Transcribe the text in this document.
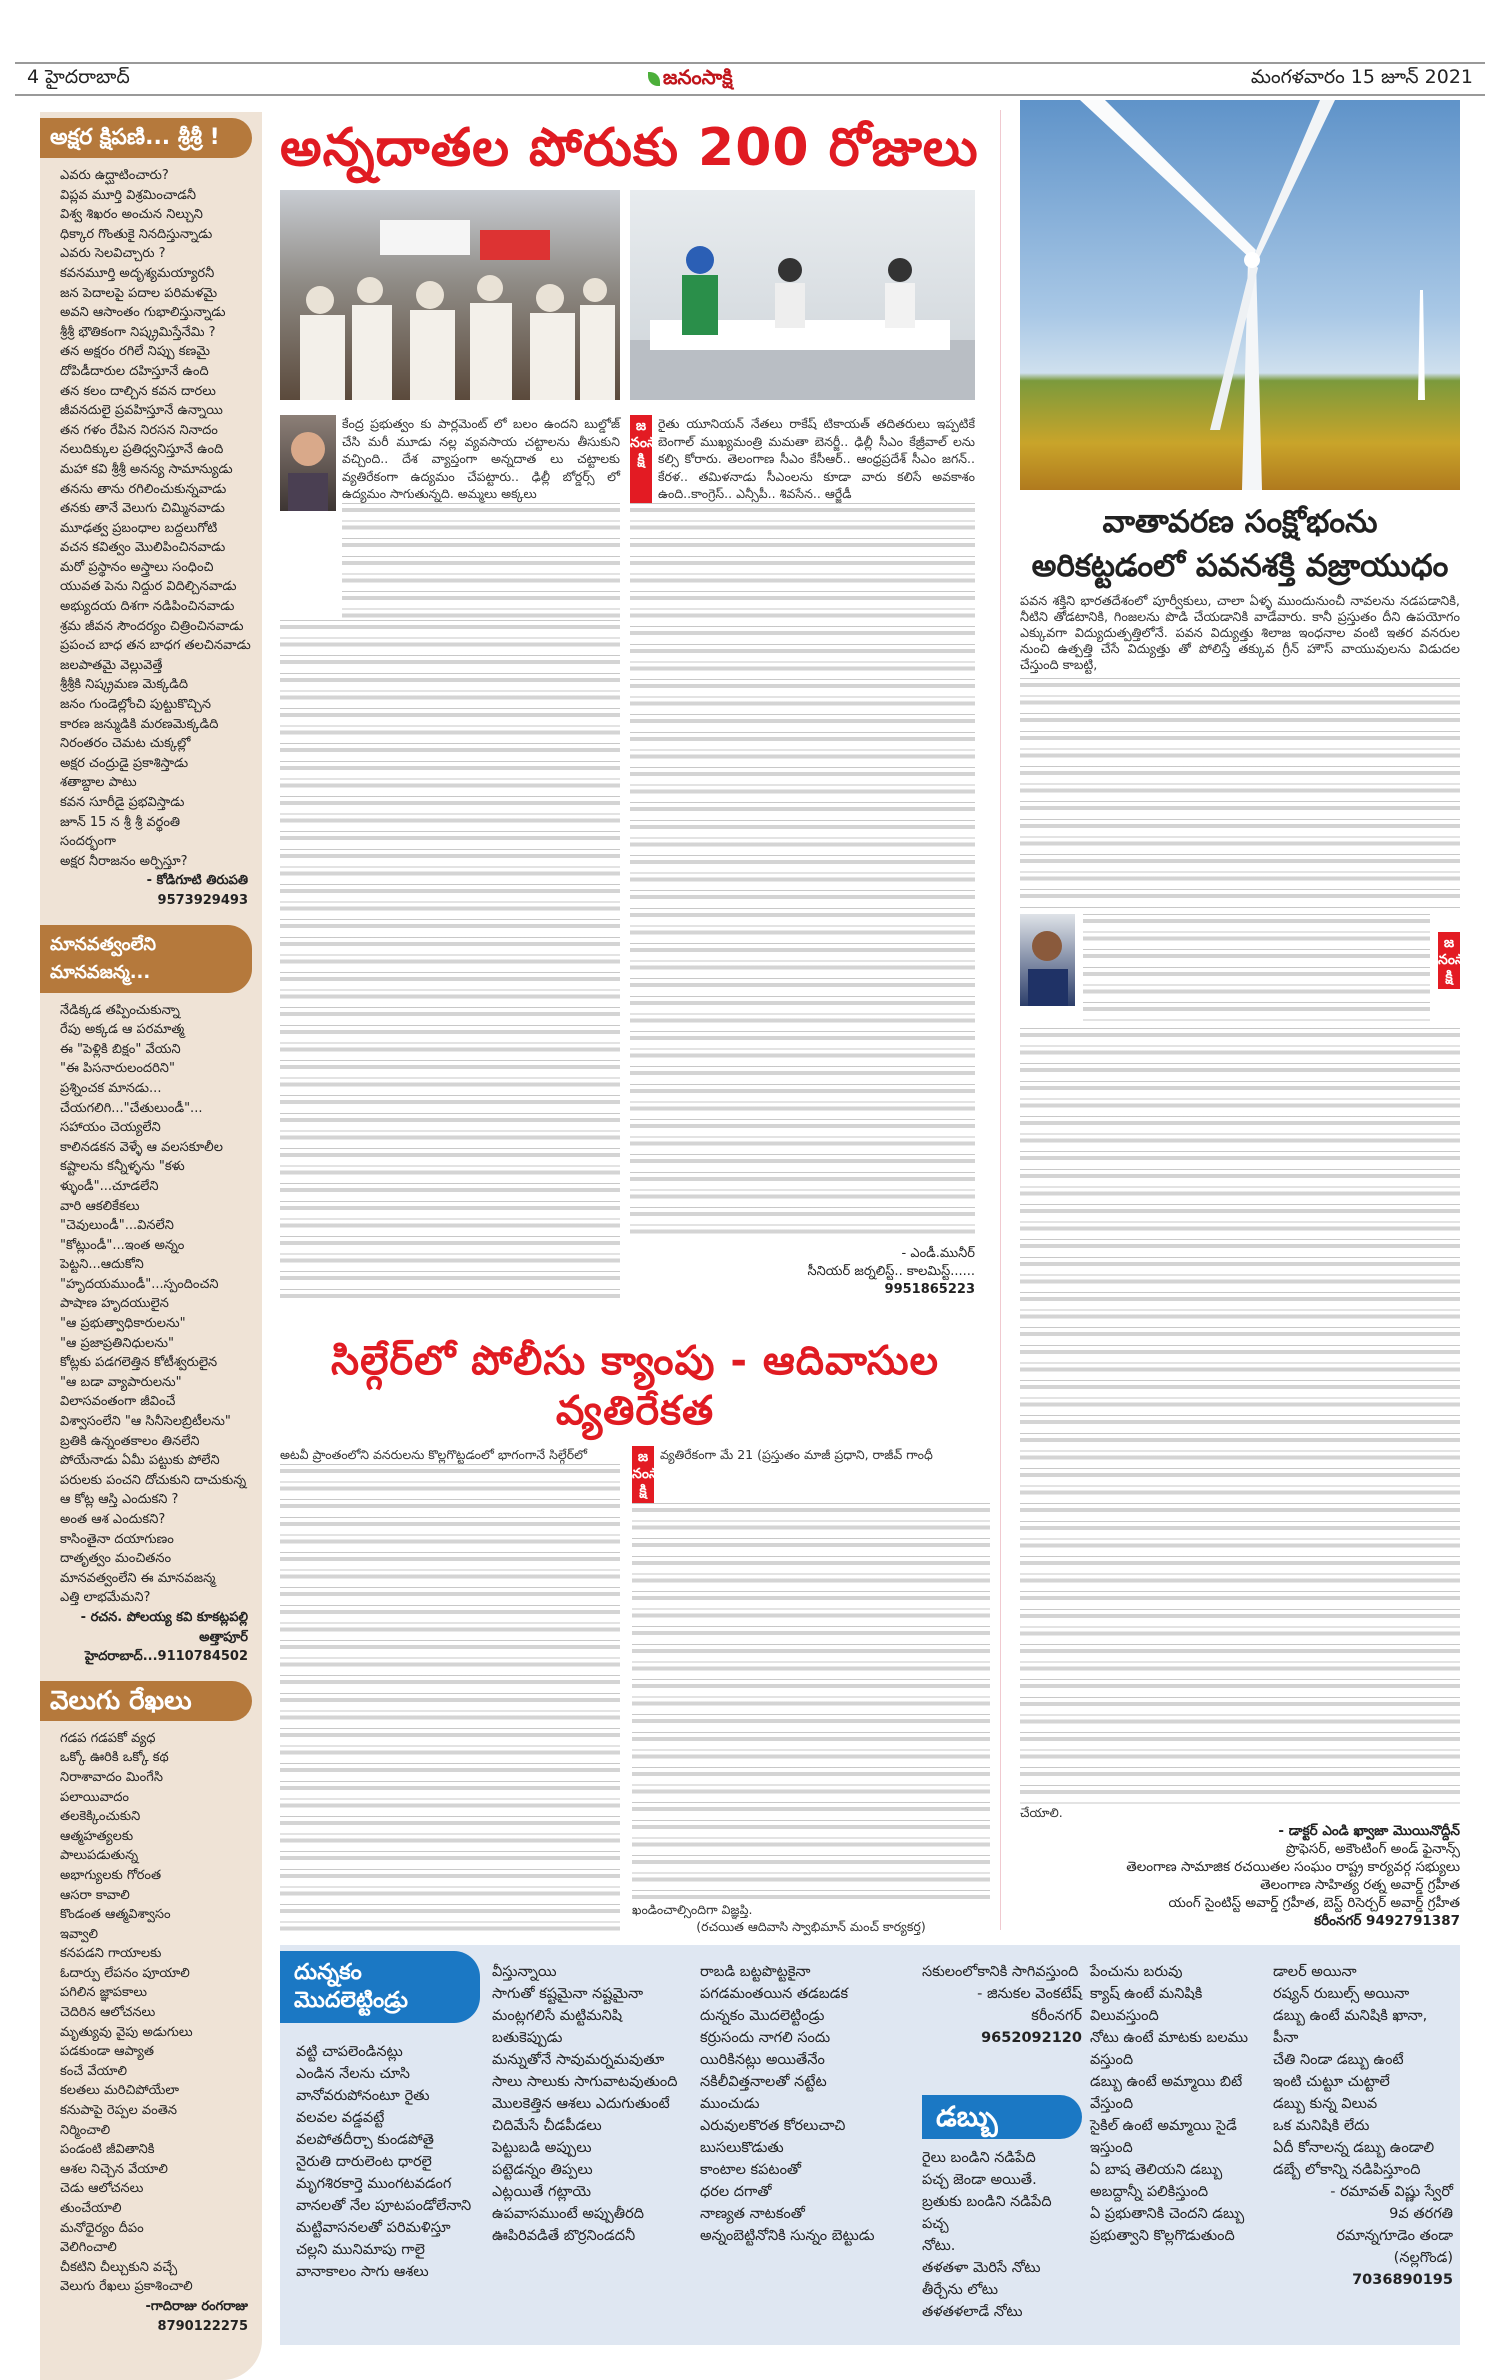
4 హైదరాబాద్	జనంసాక్షి	మంగళవారం 15 జూన్ 2021
అక్షర క్షిపణి... శ్రీశ్రీ !
ఎవరు ఉద్ఘాటించారు?
విప్లవ మూర్తి విశ్రమించాడనీ
విశ్వ శిఖరం అంచున నిల్చుని
ధిక్కార గొంతుకై నినదిస్తున్నాడు
ఎవరు సెలవిచ్చారు ?
కవనమూర్తి అదృశ్యమయ్యారనీ
జన పెదాలపై పదాల పరిమళమై
అవని ఆసాంతం గుభాలిస్తున్నాడు
శ్రీశ్రీ భౌతికంగా నిష్క్రమిస్తేనేమి ?
తన అక్షరం రగిలే నిప్పు కణమై
దోపిడీదారుల దహిస్తూనే ఉంది
తన కలం దాల్చిన కవన దారలు
జీవనదులై ప్రవహిస్తూనే ఉన్నాయి
తన గళం రేపిన నిరసన నినాదం
నలుదిక్కుల ప్రతిధ్వనిస్తూనే ఉంది
మహా కవి శ్రీశ్రీ అనన్య సామాన్యుడు
తనను తాను రగిలించుకున్నవాడు
తనకు తానే వెలుగు చిమ్మినవాడు
మూఢత్వ ప్రబంధాల బద్దలుగోటి
వచన కవిత్వం మొలిపించినవాడు
మరో ప్రస్థానం అస్త్రాలు సంధించి
యువత పెను నిద్దుర విదిల్చినవాడు
అభ్యుదయ దిశగా నడిపించినవాడు
శ్రమ జీవన సౌందర్యం చిత్రించినవాడు
ప్రపంచ బాధ తన బాధగ తలచినవాడు
జలపాతమై వెల్లువెత్తే
శ్రీశ్రీకి నిష్క్రమణ మెక్కడిది
జనం గుండెల్లోంచి పుట్టుకొచ్చిన
కారణ జన్ముడికి మరణమెక్కడిది
నిరంతరం చెమట చుక్కల్లో
అక్షర చంద్రుడై ప్రకాశిస్తాడు
శతాబ్దాల పాటు
కవన సూరీడై ప్రభవిస్తాడు
జూన్ 15 న శ్రీ శ్రీ వర్థంతి
సందర్భంగా
అక్షర నీరాజనం అర్పిస్తూ?
- కోడిగూటి తిరుపతి
9573929493
మానవత్వంలేని మానవజన్మ...
నేడిక్కడ తప్పించుకున్నా
రేపు అక్కడ ఆ పరమాత్మ
ఈ "పెళ్లికి బిక్షం" వేయని
"ఈ పిసనారులందరిని"
ప్రశ్నించక మానడు...
చేయగలిగి..."చేతులుండీ"...
సహాయం చెయ్యలేని
కాలినడకన వెళ్ళే ఆ వలసకూలీల
కష్టాలను కన్నీళ్ళను "కళు
ళ్ళుండీ"...చూడలేని
వారి ఆకలికేకలు
"చెవులుండీ"...వినలేని
"కోట్లుండీ"...ఇంత అన్నం
పెట్టని...ఆదుకోని
"హృదయముండీ"...స్పందించని
పాషాణ హృదయులైన
"ఆ ప్రభుత్వాధికారులను"
"ఆ ప్రజాప్రతినిధులను"
కోట్లకు పడగలెత్తిన కోటీశ్వరులైన
"ఆ బడా వ్యాపారులను"
విలాసవంతంగా జీవించే
విశ్వాసంలేని "ఆ సినీసెలబ్రిటీలను"
బ్రతికి ఉన్నంతకాలం తినలేని
పోయేనాడు ఏమీ పట్టుకు పోలేని
పరులకు పంచని దోచుకుని దాచుకున్న
ఆ కోట్ల ఆస్తి ఎందుకని ?
అంత ఆశ ఎందుకని?
కాసింతైనా దయాగుణం
దాతృత్వం మంచితనం
మానవత్వంలేని ఈ మానవజన్మ
ఎత్తి లాభమేమని?
- రచన. పోలయ్య కవి కూకట్లపల్లి
అత్తాపూర్
హైదరాబాద్...9110784502
వెలుగు రేఖలు
గడప గడపకో వ్యధ
ఒక్కో ఊరికి ఒక్కో కథ
నిరాశావాదం మింగేసి
పలాయివాదం
తలకెక్కించుకుని
ఆత్మహత్యలకు
పాలుపడుతున్న
అభాగ్యులకు గోరంత
ఆసరా కావాలి
కొండంత ఆత్మవిశ్వాసం
ఇవ్వాలి
కనపడని గాయాలకు
ఓదార్పు లేపనం పూయాలి
పగిలిన జ్ఞాపకాలు
చెదిరిన ఆలోచనలు
మృత్యువు వైపు అడుగులు
పడకుండా ఆప్యాత
కంచే వేయాలి
కలతలు మరిచిపోయేలా
కనుపాపై రెప్పల వంతెన
నిర్మించాలి
పండంటి జీవితానికి
ఆశల నిచ్చెన వేయాలి
చెడు ఆలోచనలు
తుంచేయాలి
మనోధైర్యం దీపం
వెలిగించాలి
చీకటిని చీల్చుకుని వచ్చే
వెలుగు రేఖలు ప్రకాశించాలి
-గాదిరాజు రంగరాజు
8790122275
అన్నదాతల పోరుకు 200 రోజులు
కేంద్ర ప్రభుత్వం కు పార్లమెంట్ లో బలం ఉందని బుల్డోజ్ చేసి మరీ మూడు నల్ల వ్యవసాయ చట్టాలను తీసుకుని వచ్చింది.. దేశ వ్యాప్తంగా అన్నదాత లు చట్టాలకు వ్యతిరేకంగా ఉద్యమం చేపట్టారు.. ఢిల్లీ బోర్డర్స్ లో ఉద్యమం సాగుతున్నది. అమ్మలు అక్కలు
జనంసాక్షి
రైతు యూనియన్ నేతలు రాకేష్ టికాయత్ తదితరులు ఇప్పటికే బెంగాల్ ముఖ్యమంత్రి మమతా బెనర్జీ.. ఢిల్లీ సీఎం కేజ్రీవాల్ లను కల్సి కోరారు. తెలంగాణ సీఎం కేసీఆర్.. ఆంధ్రప్రదేశ్ సీఎం జగన్.. కేరళ.. తమిళనాడు సీఎంలను కూడా వారు కలిసే అవకాశం ఉంది..కాంగ్రెస్.. ఎన్సీపీ.. శివసేన.. ఆర్జేడీ
- ఎండీ.మునీర్
సీనియర్ జర్నలిస్ట్.. కాలమిస్ట్......
9951865223
సిల్గేర్‌లో పోలీసు క్యాంపు - ఆదివాసుల వ్యతిరేకత
అటవీ ప్రాంతంలోని వనరులను కొల్లగొట్టడంలో భాగంగానే సిల్గేర్‌లో	జనంసాక్షి
వ్యతిరేకంగా మే 21 (ప్రస్తుతం మాజీ ప్రధాని, రాజీవ్ గాంధీ
ఖండించాల్సిందిగా విజ్ఞప్తి.
(రచయిత ఆదివాసి స్వాభిమాన్ మంచ్ కార్యకర్త)
వాతావరణ సంక్షోభంను
అరికట్టడంలో పవనశక్తి వజ్రాయుధం
పవన శక్తిని భారతదేశంలో పూర్వీకులు, చాలా ఏళ్ళ ముందునుంచీ నావలను నడపడానికి, నీటిని తోడటానికి, గింజలను పొడి చేయడానికి వాడేవారు. కానీ ప్రస్తుతం దీని ఉపయోగం ఎక్కువగా విద్యుదుత్పత్తిలోనే. పవన విద్యుత్తు శిలాజ ఇంధనాల వంటి ఇతర వనరుల నుంచి ఉత్పత్తి చేసే విద్యుత్తు తో పోలిస్తే తక్కువ గ్రీన్ హౌస్ వాయువులను విడుదల చేస్తుంది కాబట్టి,
జనంసాక్షి
చేయాలి.
- డాక్టర్ ఎండి ఖ్వాజా మొయినొద్దీన్
ప్రొఫెసర్, అకౌంటింగ్ అండ్ ఫైనాన్స్
తెలంగాణ సామాజిక రచయితల సంఘం రాష్ట్ర కార్యవర్గ సభ్యులు
తెలంగాణ సాహిత్య రత్న అవార్డ్ గ్రహీత
యంగ్ సైంటిస్ట్ అవార్డ్ గ్రహీత, బెస్ట్ రిసెర్చర్ అవార్డ్ గ్రహీత
కరీంనగర్ 9492791387
దున్నకం మొదలెట్టిండ్రు
వట్టి చాపలెండినట్లు
ఎండిన నేలను చూసి
వానోవరుపోనంటూ రైతు
వలవల వడ్డవట్టే
వలపోతదీర్చా కుండపోతై
నైరుతి దారులెంట ధారలై
మృగశిరకార్తె ముంగటవడంగ
వానలతో నేల పూటపండోలేనాని
మట్టివాసనలతో పరిమళిస్తూ
చల్లని మునిమాపు గాలై
వానాకాలం సాగు ఆశలు
వీస్తున్నాయి
సాగుతో కష్టమైనా నష్టమైనా
మంట్లగలిసే మట్టిమనిషి
బతుకెప్పుడు
మన్నుతోనే సావుమర్నమవుతూ
సాలు సాలుకు సాగువాటవుతుంది
మొలకెత్తిన ఆశలు ఎదుగుతుంటే
చిదిమేసే చీడపీడలు
పెట్టుబడి అప్పులు
పట్టెడన్నం తిప్పలు
ఎట్లయితే గట్లాయె
ఉపవాసముంటే అప్పుతీరది
ఊపిరివడితే బొర్రనిండదనీ
రాబడి బట్టపొట్టకైనా
పగడమంతయిన తడబడక
దున్నకం మొదలెట్టిండ్రు
కర్రుసందు నాగలి సందు
యిరికినట్లు అయితేనేం
నకిలీవిత్తనాలతో నట్టేట
ముంచుడు
ఎరువులకొరత కోరలుచాచి
బుసలుకొడుతు
కాంటాల కపటంతో
ధరల దగాతో
నాణ్యత నాటకంతో
అన్నంబెట్టినోనికి సున్నం బెట్టుడు
సకులంలోకానికి సాగివస్తుంది
- జినుకల వెంకటేష్
కరీంనగర్
9652092120
డబ్బు
రైలు బండిని నడిపేది
పచ్చ జెండా అయితే.
బ్రతుకు బండిని నడిపేది పచ్చ
నోటు.
తళతళా మెరిసే నోటు
తీర్చేను లోటు
తళతళలాడే నోటు
పేంచును బరువు
క్యాష్ ఉంటే మనిషికి
విలువస్తుంది
నోటు ఉంటే మాటకు బలము
వస్తుంది
డబ్బు ఉంటే అమ్మాయి బిటే
వేస్తుంది
సైకిల్ ఉంటే అమ్మాయి సైడే
ఇస్తుంది
ఏ బాష తెలియని డబ్బు
అబద్దాన్నీ పలికిస్తుంది
ఏ ప్రభుతానికి చెందని డబ్బు
ప్రభుత్వాని కొల్లగొడుతుంది
డాలర్ అయినా
రష్యన్ రుబుల్స్ అయినా
డబ్బు ఉంటే మనిషికి ఖానా, పీనా
చేతి నిండా డబ్బు ఉంటే
ఇంటి చుట్టూ చుట్టాలే
డబ్బు కున్న విలువ
ఒక మనిషికి లేదు
ఏదీ కోనాలన్న డబ్బు ఉండాలి
డబ్బే లోకాన్ని నడిపిస్తూంది
- రమావత్ విష్ణు స్వేరో
9వ తరగతి
రమాన్నగూడెం తండా (నల్లగొండ)
7036890195
